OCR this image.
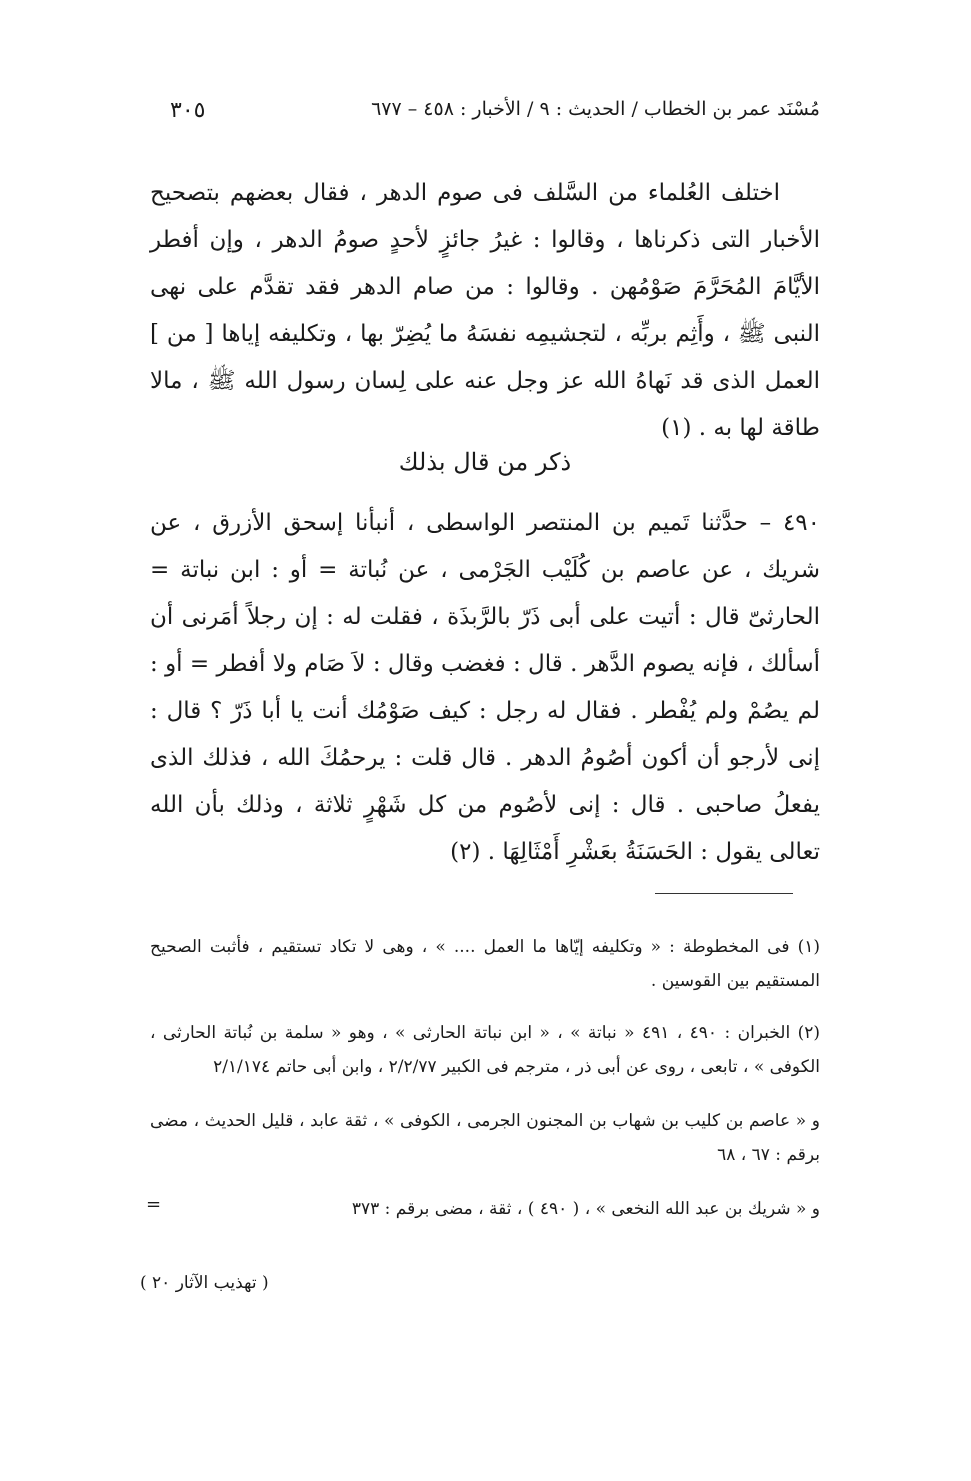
مُسْنَد عمر بن الخطاب / الحديث : ٩ / الأخبار : ٤٥٨ – ٦٧٧
٣٠٥

اختلف العُلماء من السَّلف فى صوم الدهر ، فقال بعضهم بتصحيح الأخبار التى ذكرناها ، وقالوا : غيرُ جائزٍ لأحدٍ صومُ الدهر ، وإن أفطر الأيَّامَ المُحَرَّمَ صَوْمُهن . وقالوا : من صام الدهر فقد تقدَّم على نهى النبى ﷺ ، وأَثِم بربِّه ، لتجشيمِه نفسَهُ ما يُضِرّ بها ، وتكليفه إياها [ من ] العمل الذى قد نَهاهُ الله عز وجل عنه على لِسان رسول الله ﷺ ، مالا طاقة لها به . (١)

ذكر من قال بذلك

٤٩٠ – حدَّثنا تَميم بن المنتصر الواسطى ، أنبأنا إسحق الأزرق ، عن شريك ، عن عاصم بن كُلَيْب الجَرْمى ، عن نُباتة = أو : ابن نباتة = الحارثىّ قال : أتيت على أبى ذَرّ بالرَّبذَة ، فقلت له : إن رجلاً أمَرنى أن أسألك ، فإنه يصوم الدَّهر . قال : فغضب وقال : لاَ صَام ولا أفطر = أو : لم يصُمْ ولم يُفْطر . فقال له رجل : كيف صَوْمُك أنت يا أبا ذَرّ ؟ قال : إنى لأرجو أن أكون أصُومُ الدهر . قال قلت : يرحمُكَ الله ، فذلك الذى يفعلُ صاحبى . قال : إنى لأصُوم من كل شَهْرٍ ثلاثة ، وذلك بأن الله تعالى يقول : الحَسَنَةُ بعَشْرِ أَمْثَالِهَا . (٢)

(١) فى المخطوطة : « وتكليفه إيّاها ما العمل .... » ، وهى لا تكاد تستقيم ، فأثبت الصحيح المستقيم بين القوسين .

(٢) الخبران : ٤٩٠ ، ٤٩١ « نباتة » ، « ابن نباتة الحارثى » ، وهو « سلمة بن نُباتة الحارثى ، الكوفى » ، تابعى ، روى عن أبى ذر ، مترجم فى الكبير ٢/٢/٧٧ ، وابن أبى حاتم ٢/١/١٧٤

و « عاصم بن كليب بن شهاب بن المجنون الجرمى ، الكوفى » ، ثقة عابد ، قليل الحديث ، مضى برقم : ٦٧ ، ٦٨

و « شريك بن عبد الله النخعى » ، ( ٤٩٠ ) ، ثقة ، مضى برقم : ٣٧٣

=
( تهذيب الآثار ٢٠ )
